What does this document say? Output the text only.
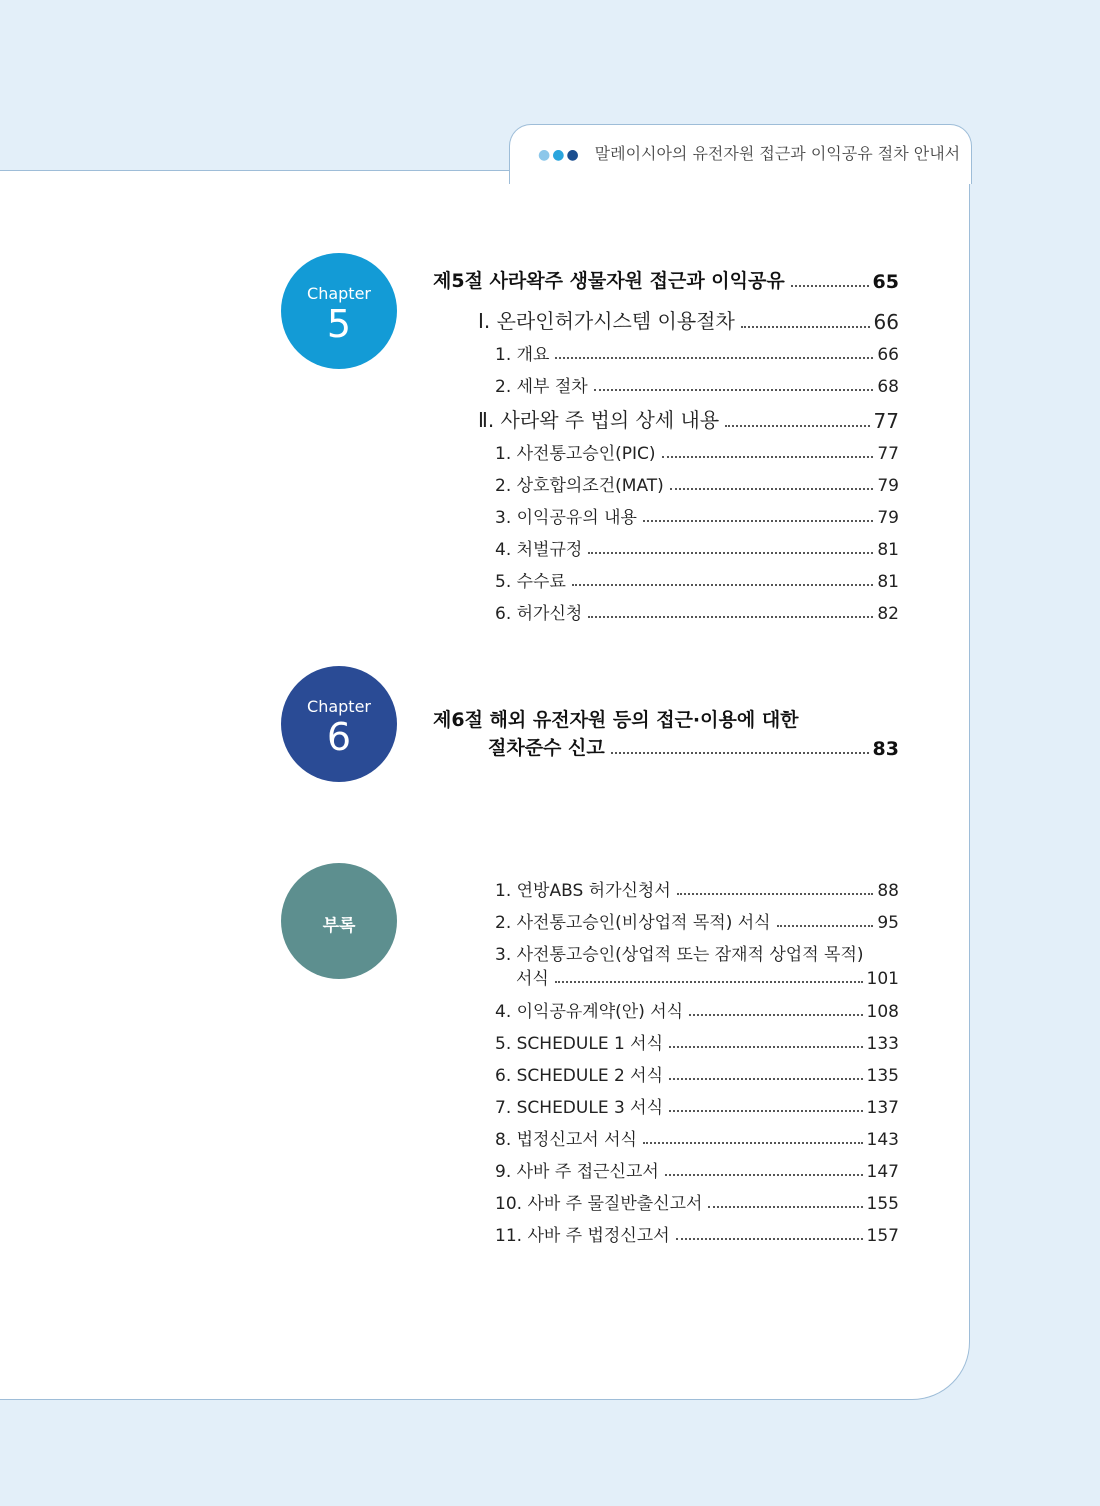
●●● 말레이시아의 유전자원 접근과 이익공유 절차 안내서
Chapter
5
제5절 사라왁주 생물자원 접근과 이익공유	65
Ⅰ. 온라인허가시스템 이용절차	66
1. 개요	66
2. 세부 절차	68
Ⅱ. 사라왁 주 법의 상세 내용	77
1. 사전통고승인(PIC)	77
2. 상호합의조건(MAT)	79
3. 이익공유의 내용	79
4. 처벌규정	81
5. 수수료	81
6. 허가신청	82
Chapter
6	제6절 해외 유전자원 등의 접근·이용에 대한
절차준수 신고	83
부록
1. 연방ABS 허가신청서	88
2. 사전통고승인(비상업적 목적) 서식	95
3. 사전통고승인(상업적 또는 잠재적 상업적 목적)
서식	101
4. 이익공유계약(안) 서식	108
5. SCHEDULE 1 서식	133
6. SCHEDULE 2 서식	135
7. SCHEDULE 3 서식	137
8. 법정신고서 서식	143
9. 사바 주 접근신고서	147
10. 사바 주 물질반출신고서	155
11. 사바 주 법정신고서	157
